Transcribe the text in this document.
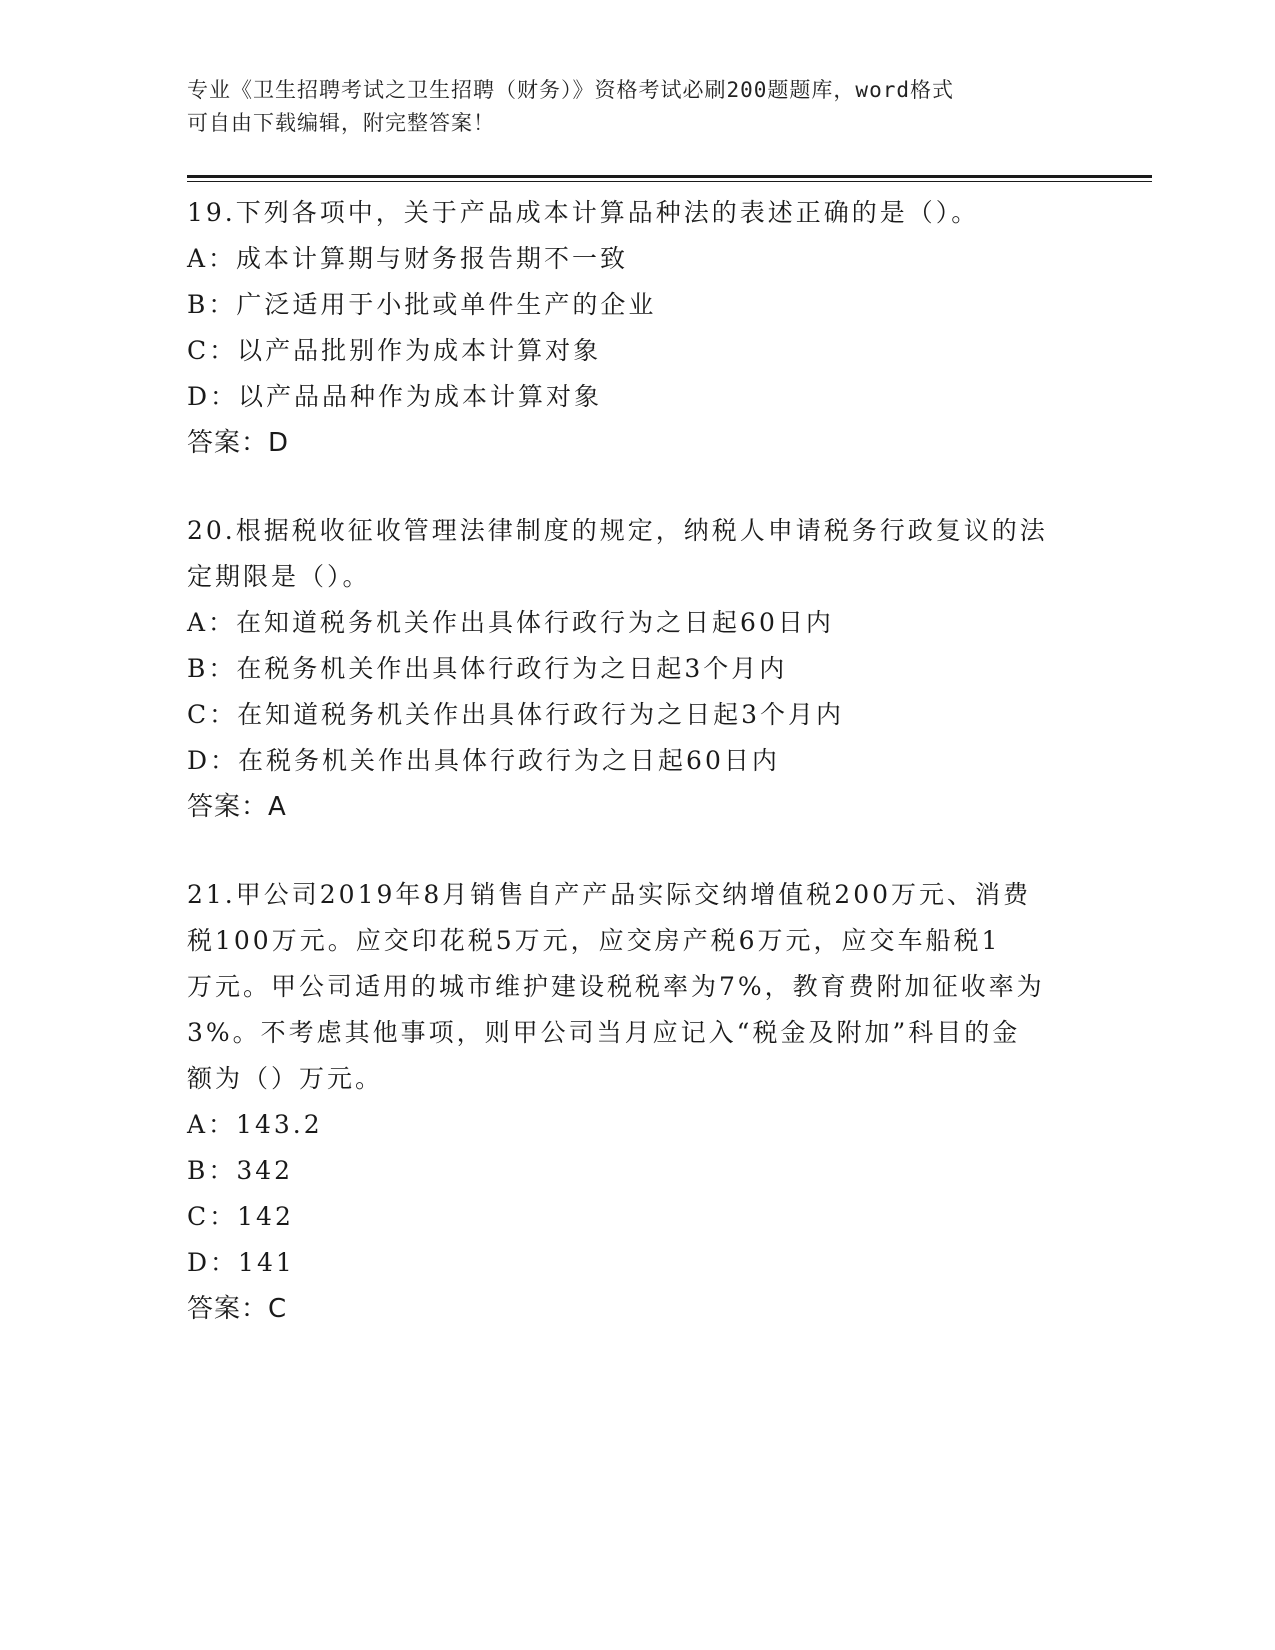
专业《卫生招聘考试之卫生招聘（财务）》资格考试必刷200题题库，word格式
可自由下载编辑，附完整答案！

19.下列各项中，关于产品成本计算品种法的表述正确的是（）。

A：成本计算期与财务报告期不一致

B：广泛适用于小批或单件生产的企业

C：以产品批别作为成本计算对象

D：以产品品种作为成本计算对象

答案：D

20.根据税收征收管理法律制度的规定，纳税人申请税务行政复议的法

定期限是（）。

A：在知道税务机关作出具体行政行为之日起60日内

B：在税务机关作出具体行政行为之日起3个月内

C：在知道税务机关作出具体行政行为之日起3个月内

D：在税务机关作出具体行政行为之日起60日内

答案：A

21.甲公司2019年8月销售自产产品实际交纳增值税200万元、消费

税100万元。应交印花税5万元，应交房产税6万元，应交车船税1

万元。甲公司适用的城市维护建设税税率为7%，教育费附加征收率为

3%。不考虑其他事项，则甲公司当月应记入“税金及附加”科目的金

额为（）万元。

A：143.2

B：342

C：142

D：141

答案：C
